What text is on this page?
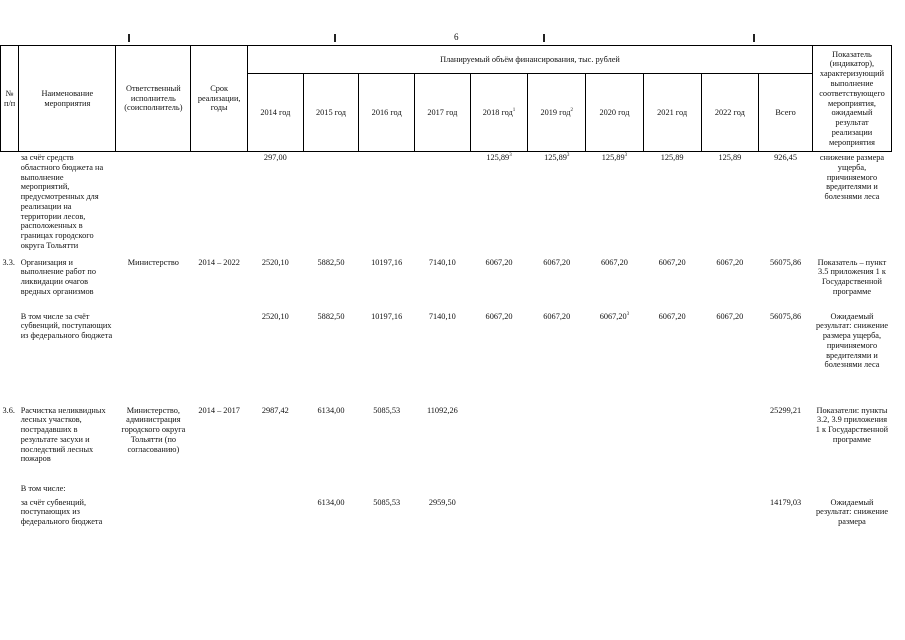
6
№ п/п	Наименование мероприятия	Ответственный исполнитель (соисполнитель)	Срок реализации, годы	Планируемый объём финансирования, тыс. рублей										Показатель (индикатор), характеризующий выполнение соответствующего мероприятия, ожидаемый результат реализации мероприятия
				2014 год	2015 год	2016 год	2017 год	2018 год$^1$	2019 год$^2$	2020 год	2021 год	2022 год	Всего	
	за счёт средств областного бюджета на выполнение мероприятий, предусмотренных для реализации на территории лесов, расположенных в границах городского округа Тольятти			297,00				125,89$^3$	125,89$^3$	125,89$^3$	125,89	125,89	926,45	снижение размера ущерба, причиняемого вредителями и болезнями леса
3.3.	Организация и выполнение работ по ликвидации очагов вредных организмов	Министерство	2014 – 2022	2520,10	5882,50	10197,16	7140,10	6067,20	6067,20	6067,20	6067,20	6067,20	56075,86	Показатель – пункт 3.5 приложения 1 к Государственной программе
	В том числе за счёт субвенций, поступающих из федерального бюджета			2520,10	5882,50	10197,16	7140,10	6067,20	6067,20	6067,20$^3$	6067,20	6067,20	56075,86	Ожидаемый результат: снижение размера ущерба, причиняемого вредителями и болезнями леса
3.6.	Расчистка неликвидных лесных участков, пострадавших в результате засухи и последствий лесных пожаров	Министерство, администрация городского округа Тольятти (по согласованию)	2014 – 2017	2987,42	6134,00	5085,53	11092,26						25299,21	Показатели: пункты 3.2, 3.9 приложения 1 к Государственной программе
	В том числе:													
	за счёт субвенций, поступающих из федерального бюджета				6134,00	5085,53	2959,50						14179,03	Ожидаемый результат: снижение размера
